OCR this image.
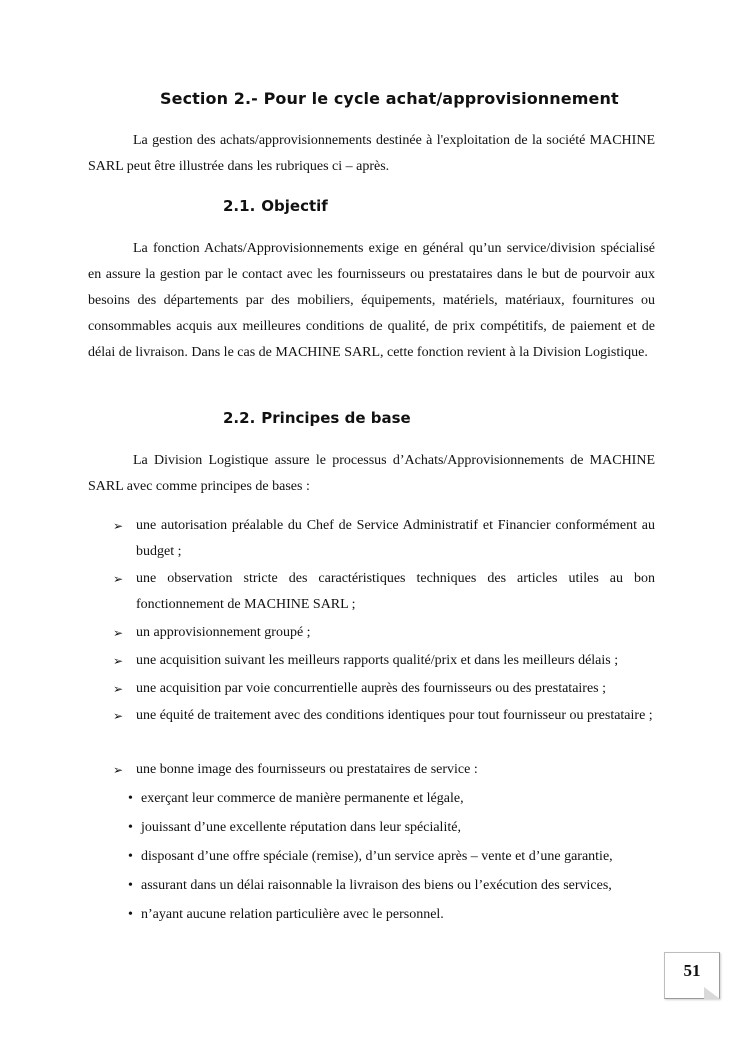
Section 2.- Pour le cycle achat/approvisionnement

La gestion des achats/approvisionnements destinée à l'exploitation de la société MACHINE SARL peut être illustrée dans les rubriques ci – après.

2.1. Objectif

La fonction Achats/Approvisionnements exige en général qu’un service/division spécialisé en assure la gestion par le contact avec les fournisseurs ou prestataires dans le but de pourvoir aux besoins des départements par des mobiliers, équipements, matériels, matériaux, fournitures ou consommables acquis aux meilleures conditions de qualité, de prix compétitifs, de paiement et de délai de livraison. Dans le cas de MACHINE SARL, cette fonction revient à la Division Logistique.

2.2. Principes de base

La Division Logistique assure le processus d’Achats/Approvisionnements de MACHINE SARL avec comme principes de bases :

➢ une autorisation préalable du Chef de Service Administratif et Financier conformément au budget ;
➢ une observation stricte des caractéristiques techniques des articles utiles au bon fonctionnement de MACHINE SARL ;
➢ un approvisionnement groupé ;
➢ une acquisition suivant les meilleurs rapports qualité/prix et dans les meilleurs délais ;
➢ une acquisition par voie concurrentielle auprès des fournisseurs ou des prestataires ;
➢ une équité de traitement avec des conditions identiques pour tout fournisseur ou prestataire ;
➢ une bonne image des fournisseurs ou prestataires de service :
• exerçant leur commerce de manière permanente et légale,
• jouissant d’une excellente réputation dans leur spécialité,
• disposant d’une offre spéciale (remise), d’un service après – vente et d’une garantie,
• assurant dans un délai raisonnable la livraison des biens ou l’exécution des services,
• n’ayant aucune relation particulière avec le personnel.
51
